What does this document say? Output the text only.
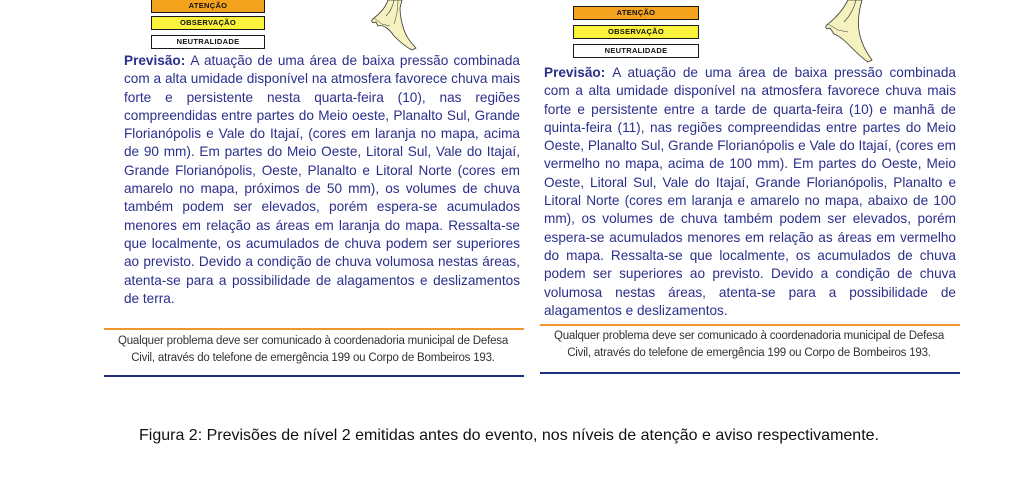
ATENÇÃO
OBSERVAÇÃO
NEUTRALIDADE

Previsão: A atuação de uma área de baixa pressão combinada com a alta umidade disponível na atmosfera favorece chuva mais forte e persistente nesta quarta-feira (10), nas regiões compreendidas entre partes do Meio oeste, Planalto Sul, Grande Florianópolis e Vale do Itajaí, (cores em laranja no mapa, acima de 90 mm). Em partes do Meio Oeste, Litoral Sul, Vale do Itajaí, Grande Florianópolis, Oeste, Planalto e Litoral Norte (cores em amarelo no mapa, próximos de 50 mm), os volumes de chuva também podem ser elevados, porém espera-se acumulados menores em relação as áreas em laranja do mapa. Ressalta-se que localmente, os acumulados de chuva podem ser superiores ao previsto. Devido a condição de chuva volumosa nestas áreas, atenta-se para a possibilidade de alagamentos e deslizamentos de terra.

Qualquer problema deve ser comunicado à coordenadoria municipal de Defesa Civil, através do telefone de emergência 199 ou Corpo de Bombeiros 193.

ATENÇÃO
OBSERVAÇÃO
NEUTRALIDADE

Previsão: A atuação de uma área de baixa pressão combinada com a alta umidade disponível na atmosfera favorece chuva mais forte e persistente entre a tarde de quarta-feira (10) e manhã de quinta-feira (11), nas regiões compreendidas entre partes do Meio Oeste, Planalto Sul, Grande Florianópolis e Vale do Itajaí, (cores em vermelho no mapa, acima de 100 mm). Em partes do Oeste, Meio Oeste, Litoral Sul, Vale do Itajaí, Grande Florianópolis, Planalto e Litoral Norte (cores em laranja e amarelo no mapa, abaixo de 100 mm), os volumes de chuva também podem ser elevados, porém espera-se acumulados menores em relação as áreas em vermelho do mapa. Ressalta-se que localmente, os acumulados de chuva podem ser superiores ao previsto. Devido a condição de chuva volumosa nestas áreas, atenta-se para a possibilidade de alagamentos e deslizamentos.

Qualquer problema deve ser comunicado à coordenadoria municipal de Defesa Civil, através do telefone de emergência 199 ou Corpo de Bombeiros 193.

Figura 2: Previsões de nível 2 emitidas antes do evento, nos níveis de atenção e aviso respectivamente.
